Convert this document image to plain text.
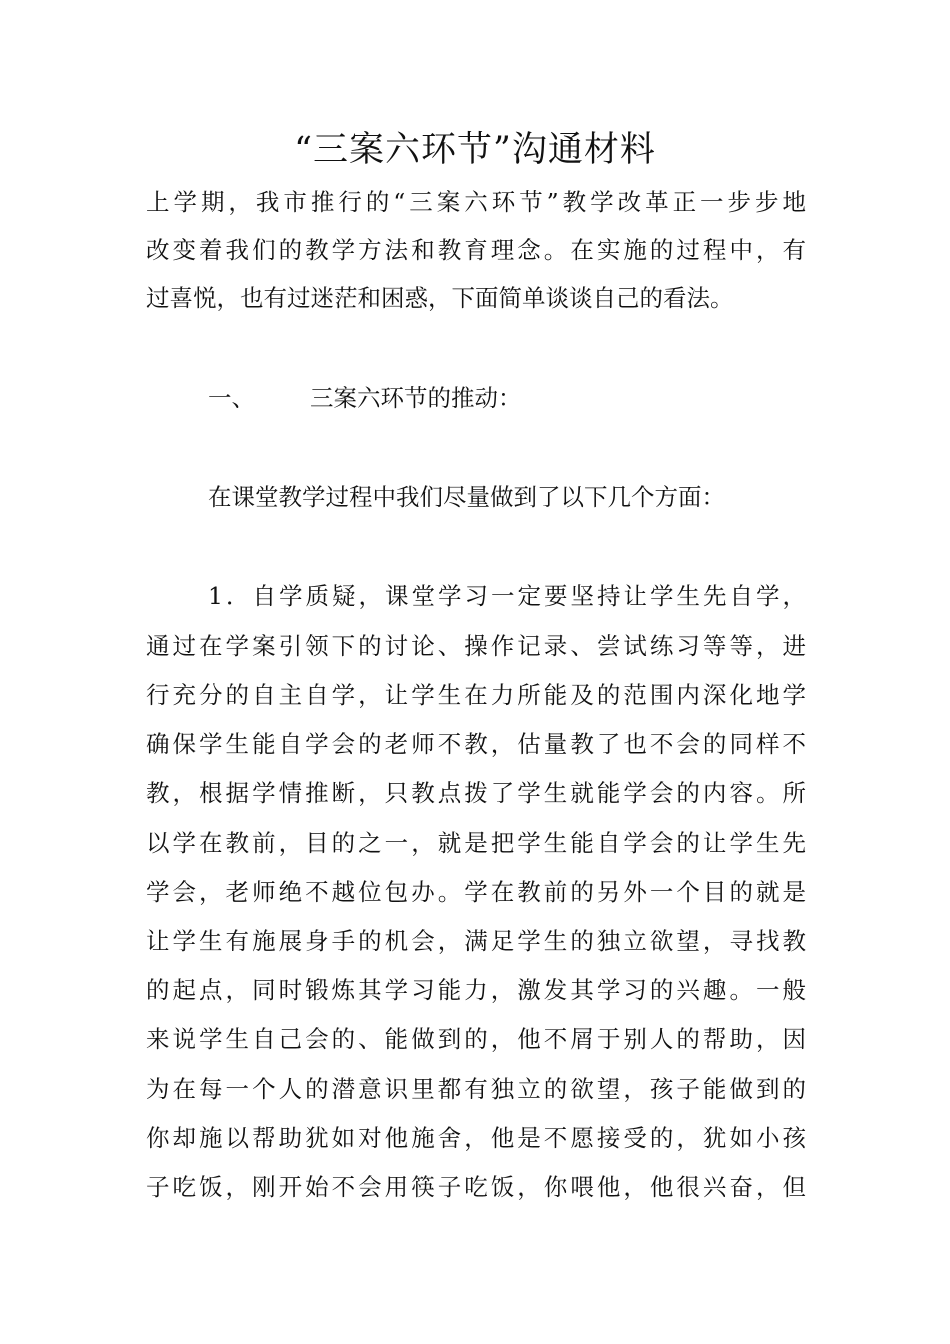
“三案六环节”沟通材料
上学期，我市推行的“三案六环节”教学改革正一步步地
改变着我们的教学方法和教育理念。在实施的过程中，有
过喜悦，也有过迷茫和困惑，下面简单谈谈自己的看法。
一、 三案六环节的推动：
在课堂教学过程中我们尽量做到了以下几个方面：
1．自学质疑，课堂学习一定要坚持让学生先自学，
通过在学案引领下的讨论、操作记录、尝试练习等等，进
行充分的自主自学，让学生在力所能及的范围内深化地学
确保学生能自学会的老师不教，估量教了也不会的同样不
教，根据学情推断，只教点拨了学生就能学会的内容。所
以学在教前，目的之一，就是把学生能自学会的让学生先
学会，老师绝不越位包办。学在教前的另外一个目的就是
让学生有施展身手的机会，满足学生的独立欲望，寻找教
的起点，同时锻炼其学习能力，激发其学习的兴趣。一般
来说学生自己会的、能做到的，他不屑于别人的帮助，因
为在每一个人的潜意识里都有独立的欲望，孩子能做到的
你却施以帮助犹如对他施舍，他是不愿接受的，犹如小孩
子吃饭，刚开始不会用筷子吃饭，你喂他，他很兴奋，但
